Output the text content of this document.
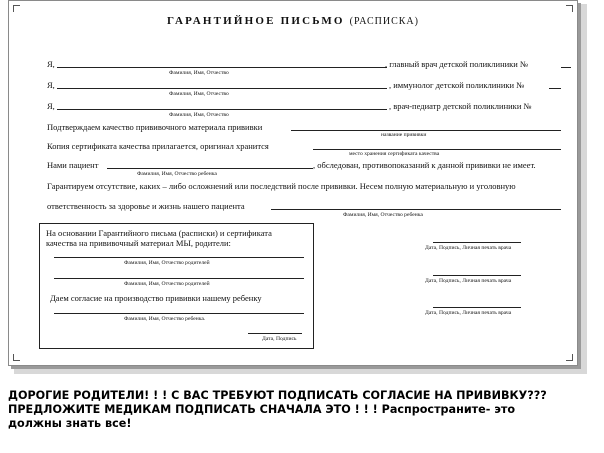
ГАРАНТИЙНОЕ ПИСЬМО (РАСПИСКА)
Я,	, главный врач детской поликлиники №
Фамилия, Имя, Отчество
Я,	, иммунолог детской поликлиники №
Фамилия, Имя, Отчество
Я,	, врач-педиатр детской поликлиники №
Фамилия, Имя, Отчество
Подтверждаем качество прививочного материала прививки
название прививки
Копия сертификата качества прилагается, оригинал хранится
место хранения сертификата качества
Нами пациент	, обследован, противопоказаний к данной прививки не имеет.
Фамилия, Имя, Отчество ребенка
Гарантируем отсутствие, каких – либо осложнений или последствий после прививки. Несем полную материальную и уголовную
ответственность за здоровье и жизнь нашего пациента
Фамилия, Имя, Отчество ребенка
На основании Гарантийного письма (расписки) и сертификата
качества на прививочный материал МЫ, родители:
Фамилия, Имя, Отчество родителей
Фамилия, Имя, Отчество родителей
Даем согласие на производство прививки нашему ребенку
Фамилия, Имя, Отчество ребенка.
Дата, Подпись
Дата, Подпись, Личная печать врача
Дата, Подпись, Личная печать врача
Дата, Подпись, Личная печать врача
ДОРОГИЕ РОДИТЕЛИ! ! ! С ВАС ТРЕБУЮТ ПОДПИСАТЬ СОГЛАСИЕ НА ПРИВИВКУ???
ПРЕДЛОЖИТЕ МЕДИКАМ ПОДПИСАТЬ СНАЧАЛА ЭТО ! ! ! Распространите- это
должны знать все!
